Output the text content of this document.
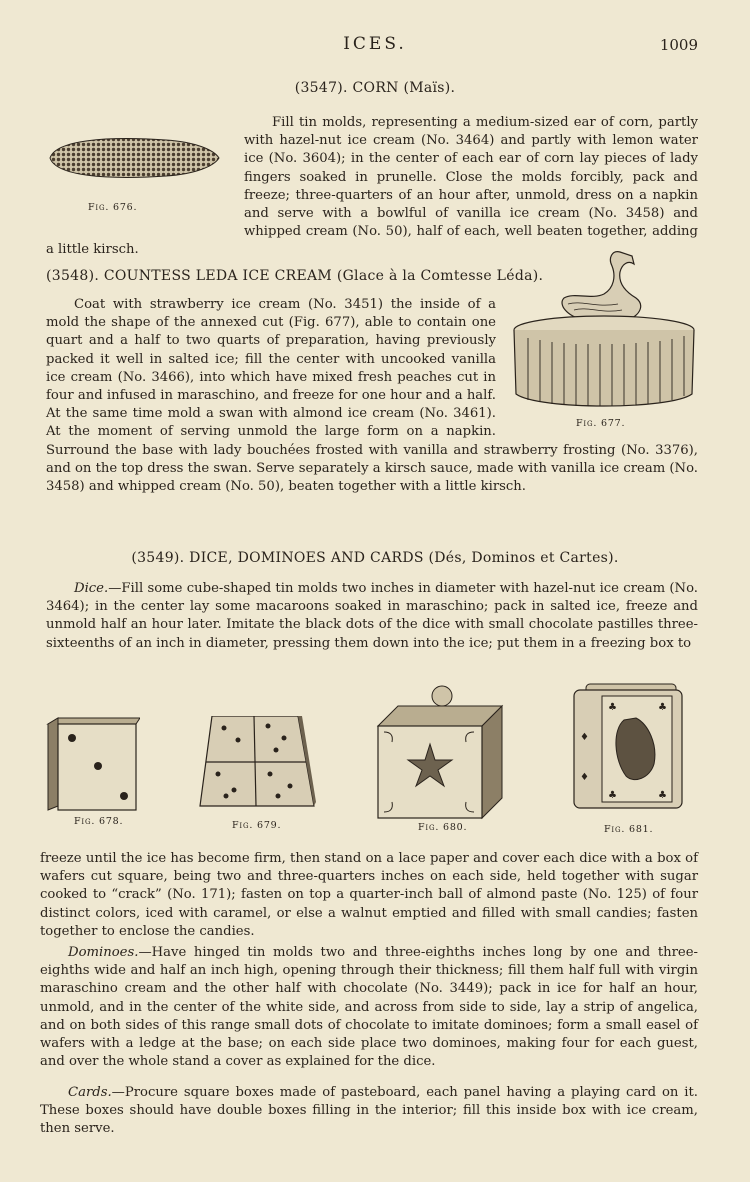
ICES.	1009
(3547). CORN (Maïs).
Fig. 676.

Fill tin molds, representing a medium-sized ear of corn, partly with hazel-nut ice cream (No. 3464) and partly with lemon water ice (No. 3604); in the center of each ear of corn lay pieces of lady fingers soaked in prunelle. Close the molds forcibly, pack and freeze; three-quarters of an hour after, unmold, dress on a napkin and serve with a bowlful of vanilla ice cream (No. 3458) and whipped cream (No. 50), half of each, well beaten together, adding a little kirsch.

(3548). COUNTESS LEDA ICE CREAM (Glace à la Comtesse Léda).
Fig. 677.

Coat with strawberry ice cream (No. 3451) the inside of a mold the shape of the annexed cut (Fig. 677), able to contain one quart and a half to two quarts of preparation, having previously packed it well in salted ice; fill the center with uncooked vanilla ice cream (No. 3466), into which have mixed fresh peaches cut in four and infused in maraschino, and freeze for one hour and a half. At the same time mold a swan with almond ice cream (No. 3461). At the moment of serving unmold the large form on a napkin. Surround the base with lady bouchées frosted with vanilla and strawberry frosting (No. 3376), and on the top dress the swan. Serve separately a kirsch sauce, made with vanilla ice cream (No. 3458) and whipped cream (No. 50), beaten together with a little kirsch.

(3549). DICE, DOMINOES AND CARDS (Dés, Dominos et Cartes).

Dice.—Fill some cube-shaped tin molds two inches in diameter with hazel-nut ice cream (No. 3464); in the center lay some macaroons soaked in maraschino; pack in salted ice, freeze and unmold half an hour later. Imitate the black dots of the dice with small chocolate pastilles three-sixteenths of an inch in diameter, pressing them down into the ice; put them in a freezing box to

Fig. 678.	Fig. 679.	Fig. 680.
♣	♣
♦
♦
♣	♣
Fig. 681.

freeze until the ice has become firm, then stand on a lace paper and cover each dice with a box of wafers cut square, being two and three-quarters inches on each side, held together with sugar cooked to “crack” (No. 171); fasten on top a quarter-inch ball of almond paste (No. 125) of four distinct colors, iced with caramel, or else a walnut emptied and filled with small candies; fasten together to enclose the candies.

Dominoes.—Have hinged tin molds two and three-eighths inches long by one and three-eighths wide and half an inch high, opening through their thickness; fill them half full with virgin maraschino cream and the other half with chocolate (No. 3449); pack in ice for half an hour, unmold, and in the center of the white side, and across from side to side, lay a strip of angelica, and on both sides of this range small dots of chocolate to imitate dominoes; form a small easel of wafers with a ledge at the base; on each side place two dominoes, making four for each guest, and over the whole stand a cover as explained for the dice.

Cards.—Procure square boxes made of pasteboard, each panel having a playing card on it. These boxes should have double boxes filling in the interior; fill this inside box with ice cream, then serve.
